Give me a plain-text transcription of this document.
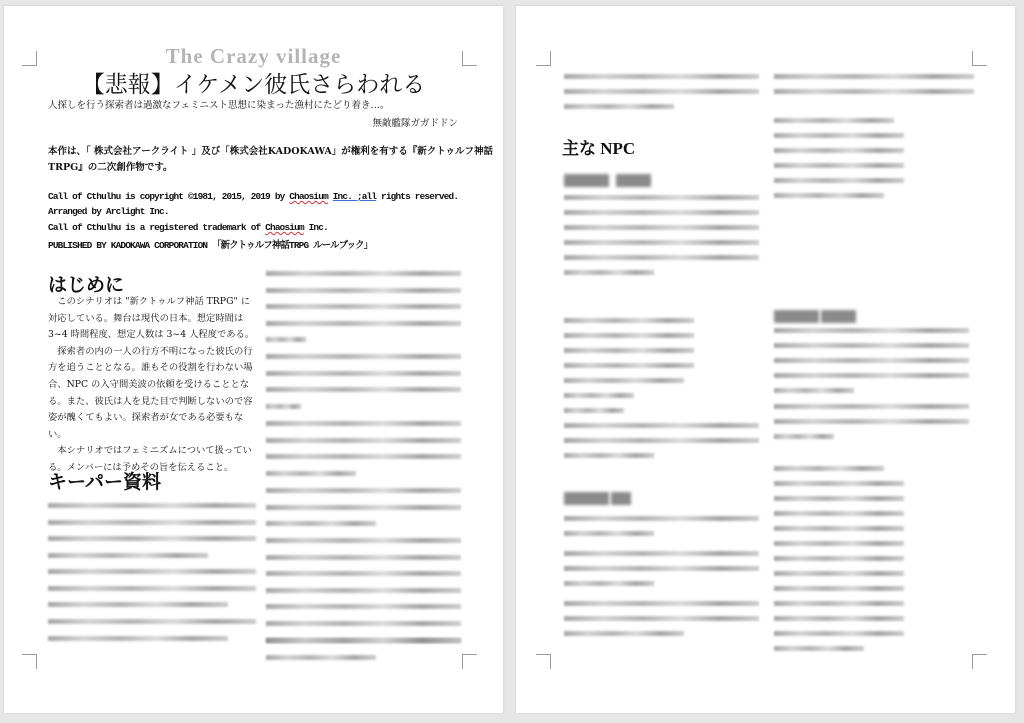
The Crazy village
【悲報】イケメン彼氏さらわれる
人探しを行う探索者は過激なフェミニスト思想に染まった漁村にたどり着き…。
無敵艦隊ガガドドン
本作は、「 株式会社アークライト 」及び「株式会社KADOKAWA」が権利を有する『新クトゥルフ神話
TRPG』の二次創作物です。
Call of Cthulhu is copyright ©1981, 2015, 2019 by Chaosium Inc. ;all rights reserved.
Arranged by Arclight Inc.
Call of Cthulhu is a registered trademark of Chaosium Inc.
PUBLISHED BY KADOKAWA CORPORATION 「新クトゥルフ神話TRPG ルールブック」
はじめに

このシナリオは "新クトゥルフ神話 TRPG" に対応している。舞台は現代の日本。想定時間は 3~4 時間程度、想定人数は 3~4 人程度である。

探索者の内の一人の行方不明になった彼氏の行方を追うこととなる。誰もその役割を行わない場合、NPC の入守間美波の依頼を受けることとなる。また、彼氏は人を見た目で判断しないので容姿が醜くてもよい。探索者が女である必要もない。

本シナリオではフェミニズムについて扱っている。メンバーには予めその旨を伝えること。

キーパー資料
主な NPC
